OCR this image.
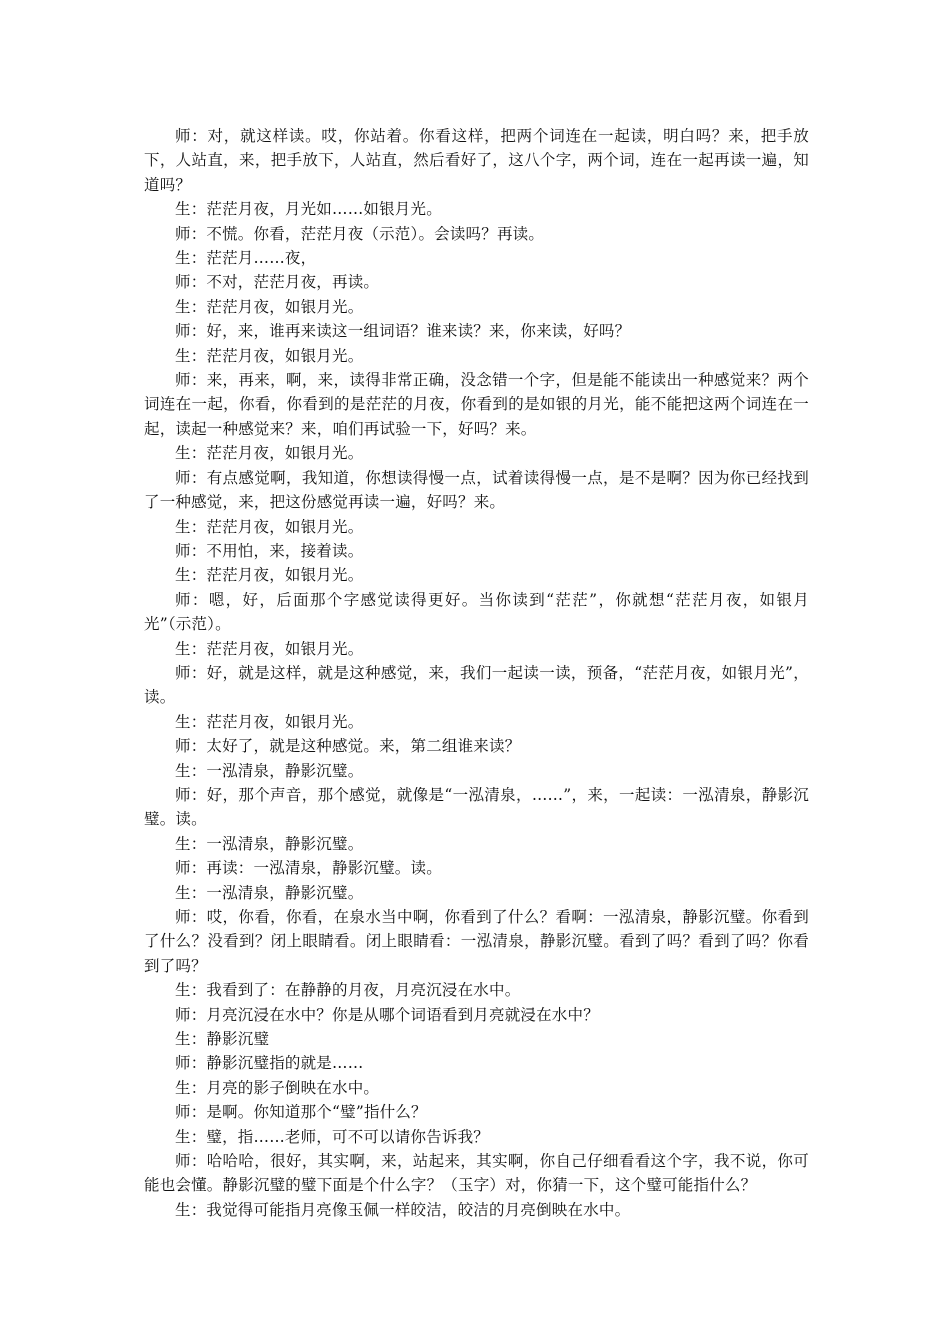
师：对，就这样读。哎，你站着。你看这样，把两个词连在一起读，明白吗？来，把手放下，人站直，来，把手放下，人站直，然后看好了，这八个字，两个词，连在一起再读一遍，知道吗？

生：茫茫月夜，月光如……如银月光。

师：不慌。你看，茫茫月夜（示范）。会读吗？再读。

生：茫茫月……夜，

师：不对，茫茫月夜，再读。

生：茫茫月夜，如银月光。

师：好，来，谁再来读这一组词语？谁来读？来，你来读，好吗？

生：茫茫月夜，如银月光。

师：来，再来，啊，来，读得非常正确，没念错一个字，但是能不能读出一种感觉来？两个词连在一起，你看，你看到的是茫茫的月夜，你看到的是如银的月光，能不能把这两个词连在一起，读起一种感觉来？来，咱们再试验一下，好吗？来。

生：茫茫月夜，如银月光。

师：有点感觉啊，我知道，你想读得慢一点，试着读得慢一点，是不是啊？因为你已经找到了一种感觉，来，把这份感觉再读一遍，好吗？来。

生：茫茫月夜，如银月光。

师：不用怕，来，接着读。

生：茫茫月夜，如银月光。

师：嗯，好，后面那个字感觉读得更好。当你读到“茫茫”，你就想“茫茫月夜，如银月光”（示范）。

生：茫茫月夜，如银月光。

师：好，就是这样，就是这种感觉，来，我们一起读一读，预备，“茫茫月夜，如银月光”，读。

生：茫茫月夜，如银月光。

师：太好了，就是这种感觉。来，第二组谁来读？

生：一泓清泉，静影沉璧。

师：好，那个声音，那个感觉，就像是“一泓清泉，……”，来，一起读：一泓清泉，静影沉璧。读。

生：一泓清泉，静影沉璧。

师：再读：一泓清泉，静影沉璧。读。

生：一泓清泉，静影沉璧。

师：哎，你看，你看，在泉水当中啊，你看到了什么？看啊：一泓清泉，静影沉璧。你看到了什么？没看到？闭上眼睛看。闭上眼睛看：一泓清泉，静影沉璧。看到了吗？看到了吗？你看到了吗？

生：我看到了：在静静的月夜，月亮沉浸在水中。

师：月亮沉浸在水中？你是从哪个词语看到月亮就浸在水中？

生：静影沉璧

师：静影沉璧指的就是……

生：月亮的影子倒映在水中。

师：是啊。你知道那个“璧”指什么？

生：璧，指……老师，可不可以请你告诉我？

师：哈哈哈，很好，其实啊，来，站起来，其实啊，你自己仔细看看这个字，我不说，你可能也会懂。静影沉璧的璧下面是个什么字？（玉字）对，你猜一下，这个璧可能指什么？

生：我觉得可能指月亮像玉佩一样皎洁，皎洁的月亮倒映在水中。
